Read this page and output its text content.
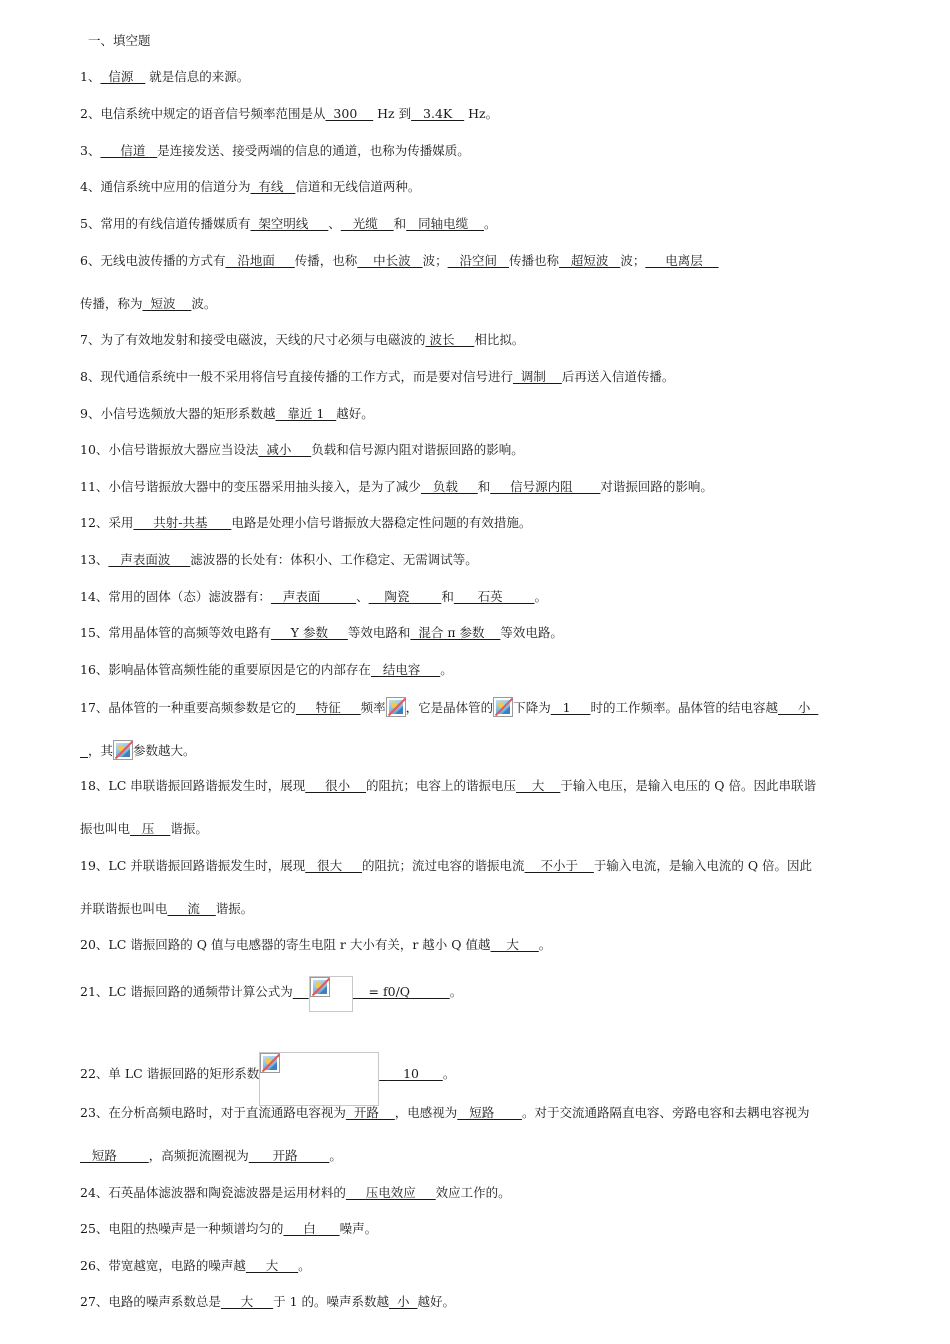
一、填空题
1、  信源    就是信息的来源。
2、电信系统中规定的语音信号频率范围是从  300     Hz 到   3.4K    Hz。
3、     信道   是连接发送、接受两端的信息的通道，也称为传播媒质。
4、通信系统中应用的信道分为  有线   信道和无线信道两种。
5、常用的有线信道传播媒质有  架空明线     、   光缆    和   同轴电缆    。
6、无线电波传播的方式有   沿地面     传播，也称    中长波   波；   沿空间   传播也称   超短波   波；     电离层
传播，称为  短波    波。
7、为了有效地发射和接受电磁波，天线的尺寸必须与电磁波的 波长     相比拟。
8、现代通信系统中一般不采用将信号直接传播的工作方式，而是要对信号进行  调制    后再送入信道传播。
9、小信号选频放大器的矩形系数越   靠近 1   越好。
10、小信号谐振放大器应当设法  减小     负载和信号源内阻对谐振回路的影响。
11、小信号谐振放大器中的变压器采用抽头接入，是为了减少   负载     和     信号源内阻       对谐振回路的影响。
12、采用     共射-共基      电路是处理小信号谐振放大器稳定性问题的有效措施。
13、   声表面波     滤波器的长处有：体积小、工作稳定、无需调试等。
14、常用的固体（态）滤波器有：   声表面         、    陶瓷        和      石英        。
15、常用晶体管的高频等效电路有     Y 参数     等效电路和  混合 π 参数    等效电路。
16、影响晶体管高频性能的重要原因是它的内部存在   结电容     。
17、晶体管的一种重要高频参数是它的     特征     频率 ，它是晶体管的 下降为   1     时的工作频率。晶体管的结电容越     小
，其 参数越大。
18、LC 串联谐振回路谐振发生时，展现     很小    的阻抗；电容上的谐振电压    大    于输入电压，是输入电压的 Q 倍。因此串联谐
振也叫电   压    谐振。
19、LC 并联谐振回路谐振发生时，展现   很大     的阻抗；流过电容的谐振电流    不小于    于输入电流，是输入电流的 Q 倍。因此
并联谐振也叫电     流    谐振。
20、LC 谐振回路的 Q 值与电感器的寄生电阻 r 大小有关，r 越小 Q 值越    大     。
21、LC 谐振回路的通频带计算公式为	= f0/Q          。
22、单 LC 谐振回路的矩形系数	10      。
23、在分析高频电路时，对于直流通路电容视为  开路    ，电感视为   短路       。对于交流通路隔直电容、旁路电容和去耦电容视为
短路        ，高频扼流圈视为      开路        。
24、石英晶体滤波器和陶瓷滤波器是运用材料的     压电效应     效应工作的。
25、电阻的热噪声是一种频谱均匀的     白      噪声。
26、带宽越宽，电路的噪声越     大     。
27、电路的噪声系数总是     大     于 1 的。噪声系数越  小  越好。
